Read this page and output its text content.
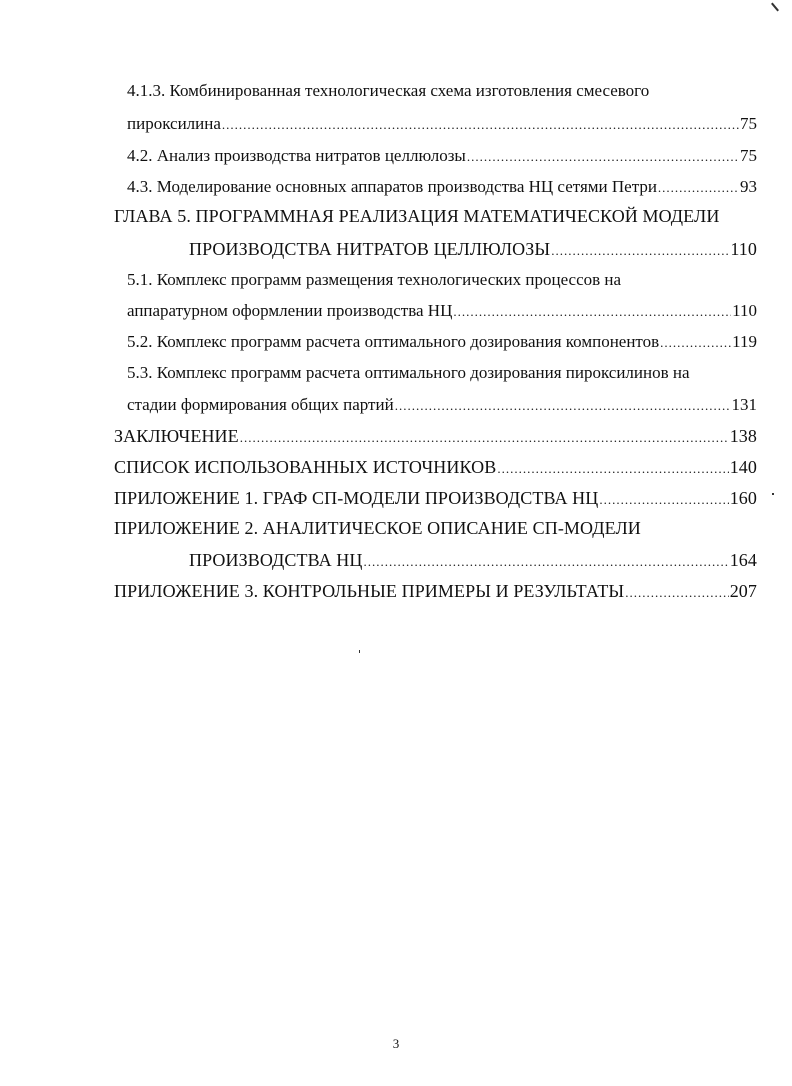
4.1.3. Комбинированная технологическая схема изготовления смесевого
пироксилина .....	75
4.2. Анализ производства нитратов целлюлозы .....	75
4.3. Моделирование основных аппаратов производства НЦ сетями Петри .....	93
ГЛАВА 5. ПРОГРАММНАЯ РЕАЛИЗАЦИЯ МАТЕМАТИЧЕСКОЙ МОДЕЛИ
ПРОИЗВОДСТВА НИТРАТОВ ЦЕЛЛЮЛОЗЫ .....	110
5.1. Комплекс программ размещения технологических процессов на
аппаратурном оформлении производства НЦ .....	110
5.2. Комплекс программ расчета оптимального дозирования компонентов .....	119
5.3. Комплекс программ расчета оптимального дозирования пироксилинов на
стадии формирования общих партий .....	131
ЗАКЛЮЧЕНИЕ .....	138
СПИСОК ИСПОЛЬЗОВАННЫХ ИСТОЧНИКОВ .....	140
ПРИЛОЖЕНИЕ 1. ГРАФ СП-МОДЕЛИ ПРОИЗВОДСТВА НЦ .....	160
ПРИЛОЖЕНИЕ 2. АНАЛИТИЧЕСКОЕ ОПИСАНИЕ СП-МОДЕЛИ
ПРОИЗВОДСТВА НЦ .....	164
ПРИЛОЖЕНИЕ 3. КОНТРОЛЬНЫЕ ПРИМЕРЫ И РЕЗУЛЬТАТЫ .....	207
3
